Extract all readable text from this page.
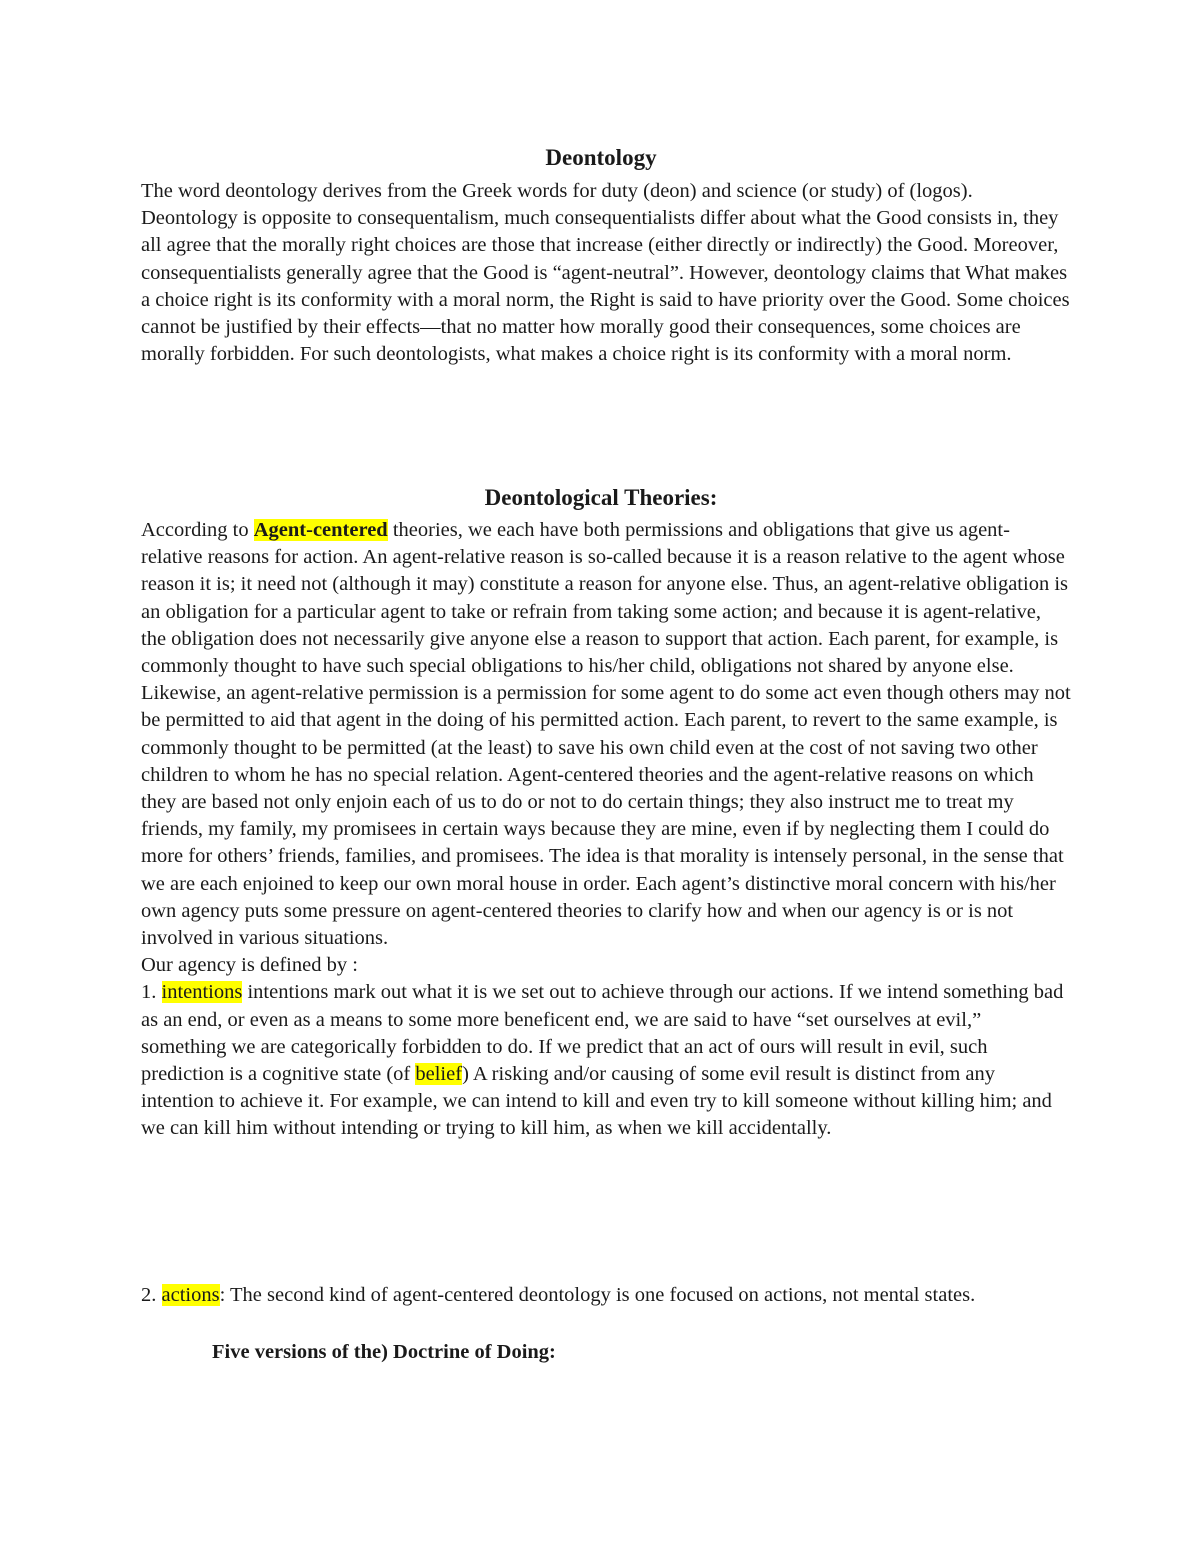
Deontology

The word deontology derives from the Greek words for duty (deon) and science (or study) of (logos). Deontology is opposite to consequentalism, much consequentialists differ about what the Good consists in, they all agree that the morally right choices are those that increase (either directly or indirectly) the Good. Moreover, consequentialists generally agree that the Good is “agent-neutral”. However, deontology claims that What makes a choice right is its conformity with a moral norm, the Right is said to have priority over the Good. Some choices cannot be justified by their effects—that no matter how morally good their consequences, some choices are morally forbidden. For such deontologists, what makes a choice right is its conformity with a moral norm.

Deontological Theories:

According to Agent-centered theories, we each have both permissions and obligations that give us agent-relative reasons for action. An agent-relative reason is so-called because it is a reason relative to the agent whose reason it is; it need not (although it may) constitute a reason for anyone else. Thus, an agent-relative obligation is an obligation for a particular agent to take or refrain from taking some action; and because it is agent-relative, the obligation does not necessarily give anyone else a reason to support that action. Each parent, for example, is commonly thought to have such special obligations to his/her child, obligations not shared by anyone else. Likewise, an agent-relative permission is a permission for some agent to do some act even though others may not be permitted to aid that agent in the doing of his permitted action. Each parent, to revert to the same example, is commonly thought to be permitted (at the least) to save his own child even at the cost of not saving two other children to whom he has no special relation. Agent-centered theories and the agent-relative reasons on which they are based not only enjoin each of us to do or not to do certain things; they also instruct me to treat my friends, my family, my promisees in certain ways because they are mine, even if by neglecting them I could do more for others’ friends, families, and promisees. The idea is that morality is intensely personal, in the sense that we are each enjoined to keep our own moral house in order. Each agent’s distinctive moral concern with his/her own agency puts some pressure on agent-centered theories to clarify how and when our agency is or is not involved in various situations.
Our agency is defined by :
1. intentions intentions mark out what it is we set out to achieve through our actions. If we intend something bad as an end, or even as a means to some more beneficent end, we are said to have “set ourselves at evil,” something we are categorically forbidden to do. If we predict that an act of ours will result in evil, such prediction is a cognitive state (of belief) A risking and/or causing of some evil result is distinct from any intention to achieve it. For example, we can intend to kill and even try to kill someone without killing him; and we can kill him without intending or trying to kill him, as when we kill accidentally.

2. actions: The second kind of agent-centered deontology is one focused on actions, not mental states.

Five versions of the) Doctrine of Doing:
